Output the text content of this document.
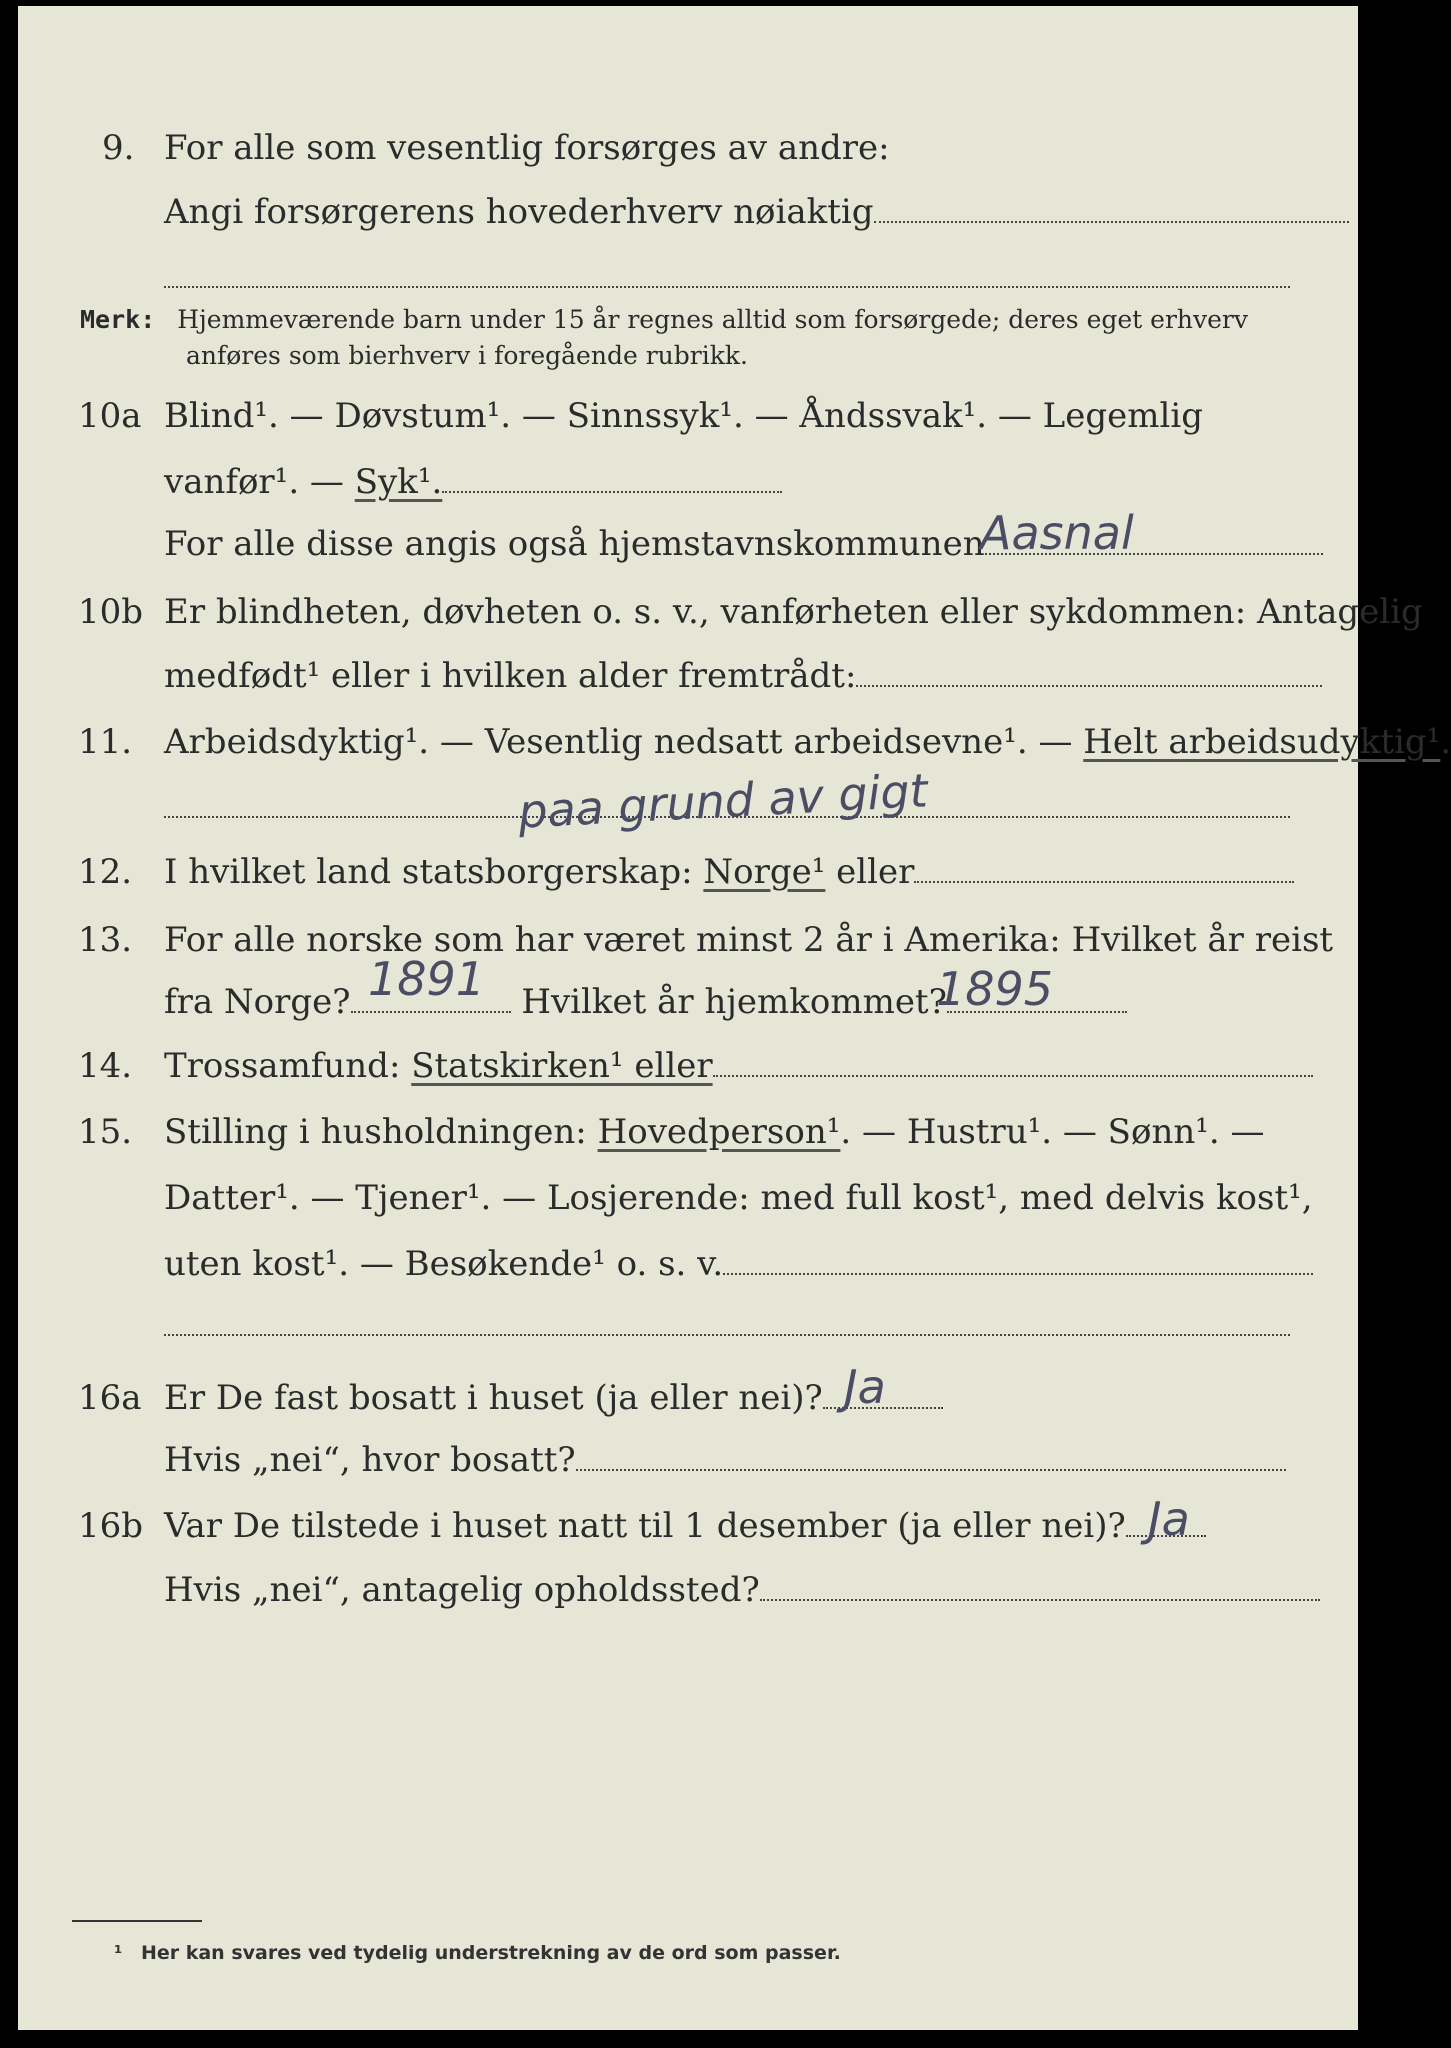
9. For alle som vesentlig forsørges av andre:
Angi forsørgerens hovederhverv nøiaktig
Merk: Hjemmeværende barn under 15 år regnes alltid som forsørgede; deres eget erhverv
anføres som bierhverv i foregående rubrikk.
10a Blind¹. — Døvstum¹. — Sinnssyk¹. — Åndssvak¹. — Legemlig
vanfør¹. — Syk¹.
For alle disse angis også hjemstavnskommunen
Aasnal
10b Er blindheten, døvheten o. s. v., vanførheten eller sykdommen: Antagelig
medfødt¹ eller i hvilken alder fremtrådt:
11. Arbeidsdyktig¹. — Vesentlig nedsatt arbeidsevne¹. — Helt arbeidsudyktig¹.
paa grund av gigt
12. I hvilket land statsborgerskap: Norge¹ eller
13. For alle norske som har været minst 2 år i Amerika: Hvilket år reist
fra Norge?	Hvilket år hjemkommet?
1891	1895
14. Trossamfund: Statskirken¹ eller
15. Stilling i husholdningen: Hovedperson¹. — Hustru¹. — Sønn¹. —
Datter¹. — Tjener¹. — Losjerende: med full kost¹, med delvis kost¹,
uten kost¹. — Besøkende¹ o. s. v.
16a Er De fast bosatt i huset (ja eller nei)? Ja
Hvis „nei“, hvor bosatt?
16b Var De tilstede i huset natt til 1 desember (ja eller nei)? Ja
Hvis „nei“, antagelig opholdssted?
¹ Her kan svares ved tydelig understrekning av de ord som passer.
